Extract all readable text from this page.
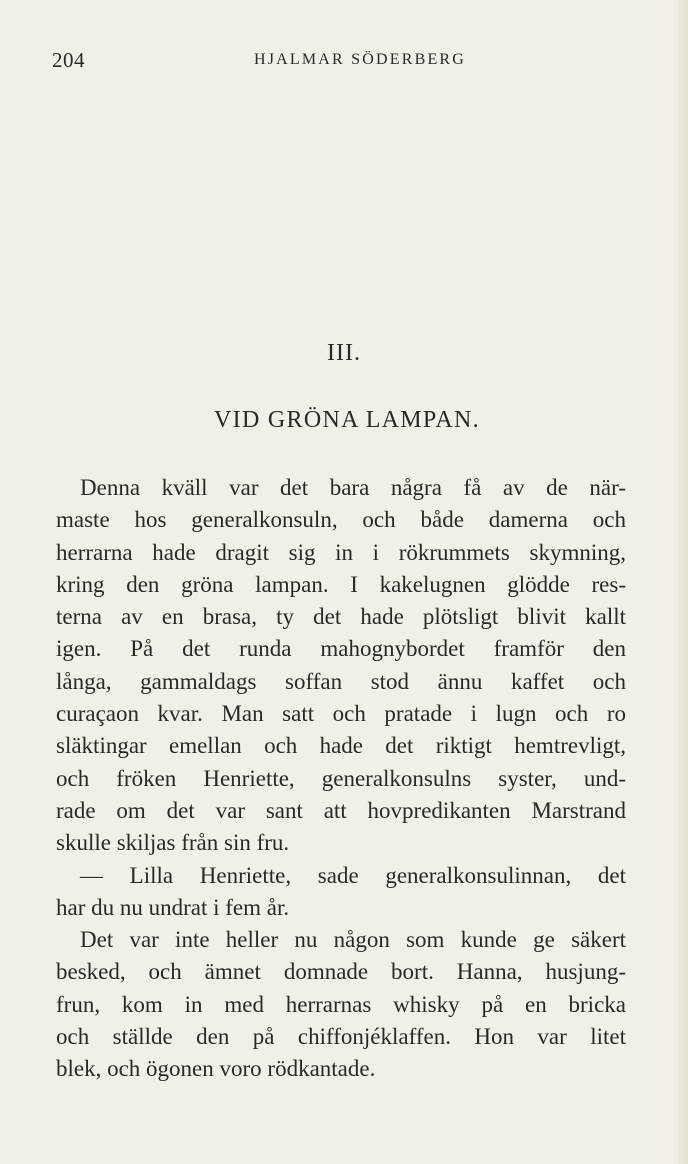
204	HJALMAR SÖDERBERG
III.
VID GRÖNA LAMPAN.
Denna kväll var det bara några få av de när-
maste hos generalkonsuln, och både damerna och
herrarna hade dragit sig in i rökrummets skymning,
kring den gröna lampan. I kakelugnen glödde res-
terna av en brasa, ty det hade plötsligt blivit kallt
igen. På det runda mahognybordet framför den
långa, gammaldags soffan stod ännu kaffet och
curaçaon kvar. Man satt och pratade i lugn och ro
släktingar emellan och hade det riktigt hemtrevligt,
och fröken Henriette, generalkonsulns syster, und-
rade om det var sant att hovpredikanten Marstrand
skulle skiljas från sin fru.
— Lilla Henriette, sade generalkonsulinnan, det
har du nu undrat i fem år.
Det var inte heller nu någon som kunde ge säkert
besked, och ämnet domnade bort. Hanna, husjung-
frun, kom in med herrarnas whisky på en bricka
och ställde den på chiffonjéklaffen. Hon var litet
blek, och ögonen voro rödkantade.
